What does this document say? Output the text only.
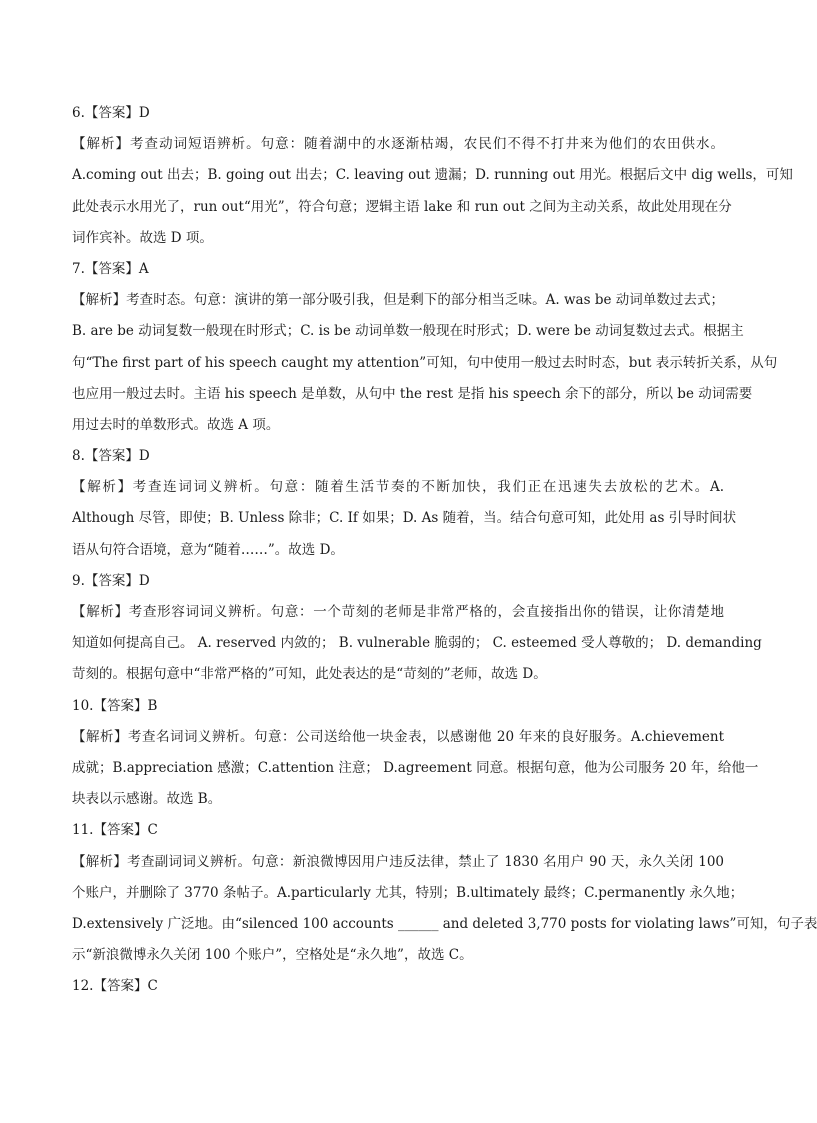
6.【答案】D
【解析】考查动词短语辨析。句意：随着湖中的水逐渐枯竭，农民们不得不打井来为他们的农田供水。
A.coming out 出去；B. going out 出去；C. leaving out 遗漏；D. running out 用光。根据后文中 dig wells，可知
此处表示水用光了，run out“用光”，符合句意；逻辑主语 lake 和 run out 之间为主动关系，故此处用现在分
词作宾补。故选 D 项。
7.【答案】A
【解析】考查时态。句意：演讲的第一部分吸引我，但是剩下的部分相当乏味。A. was be 动词单数过去式；
B. are be 动词复数一般现在时形式；C. is be 动词单数一般现在时形式；D. were be 动词复数过去式。根据主
句“The first part of his speech caught my attention”可知，句中使用一般过去时时态，but 表示转折关系，从句
也应用一般过去时。主语 his speech 是单数，从句中 the rest 是指 his speech 余下的部分，所以 be 动词需要
用过去时的单数形式。故选 A 项。
8.【答案】D
【解析】考查连词词义辨析。句意：随着生活节奏的不断加快，我们正在迅速失去放松的艺术。A.
Although 尽管，即使；B. Unless 除非；C. If 如果；D. As 随着，当。结合句意可知，此处用 as 引导时间状
语从句符合语境，意为“随着……”。故选 D。
9.【答案】D
【解析】考查形容词词义辨析。句意：一个苛刻的老师是非常严格的，会直接指出你的错误，让你清楚地
知道如何提高自己。 A. reserved 内敛的； B. vulnerable 脆弱的； C. esteemed 受人尊敬的； D. demanding
苛刻的。根据句意中“非常严格的”可知，此处表达的是“苛刻的”老师，故选 D。
10.【答案】B
【解析】考查名词词义辨析。句意：公司送给他一块金表，以感谢他 20 年来的良好服务。A.chievement
成就；B.appreciation 感激；C.attention 注意； D.agreement 同意。根据句意，他为公司服务 20 年，给他一
块表以示感谢。故选 B。
11.【答案】C
【解析】考查副词词义辨析。句意：新浪微博因用户违反法律，禁止了 1830 名用户 90 天，永久关闭 100
个账户，并删除了 3770 条帖子。A.particularly 尤其，特别；B.ultimately 最终；C.permanently 永久地；
D.extensively 广泛地。由“silenced 100 accounts ______ and deleted 3,770 posts for violating laws”可知，句子表
示“新浪微博永久关闭 100 个账户”，空格处是“永久地”，故选 C。
12.【答案】C
